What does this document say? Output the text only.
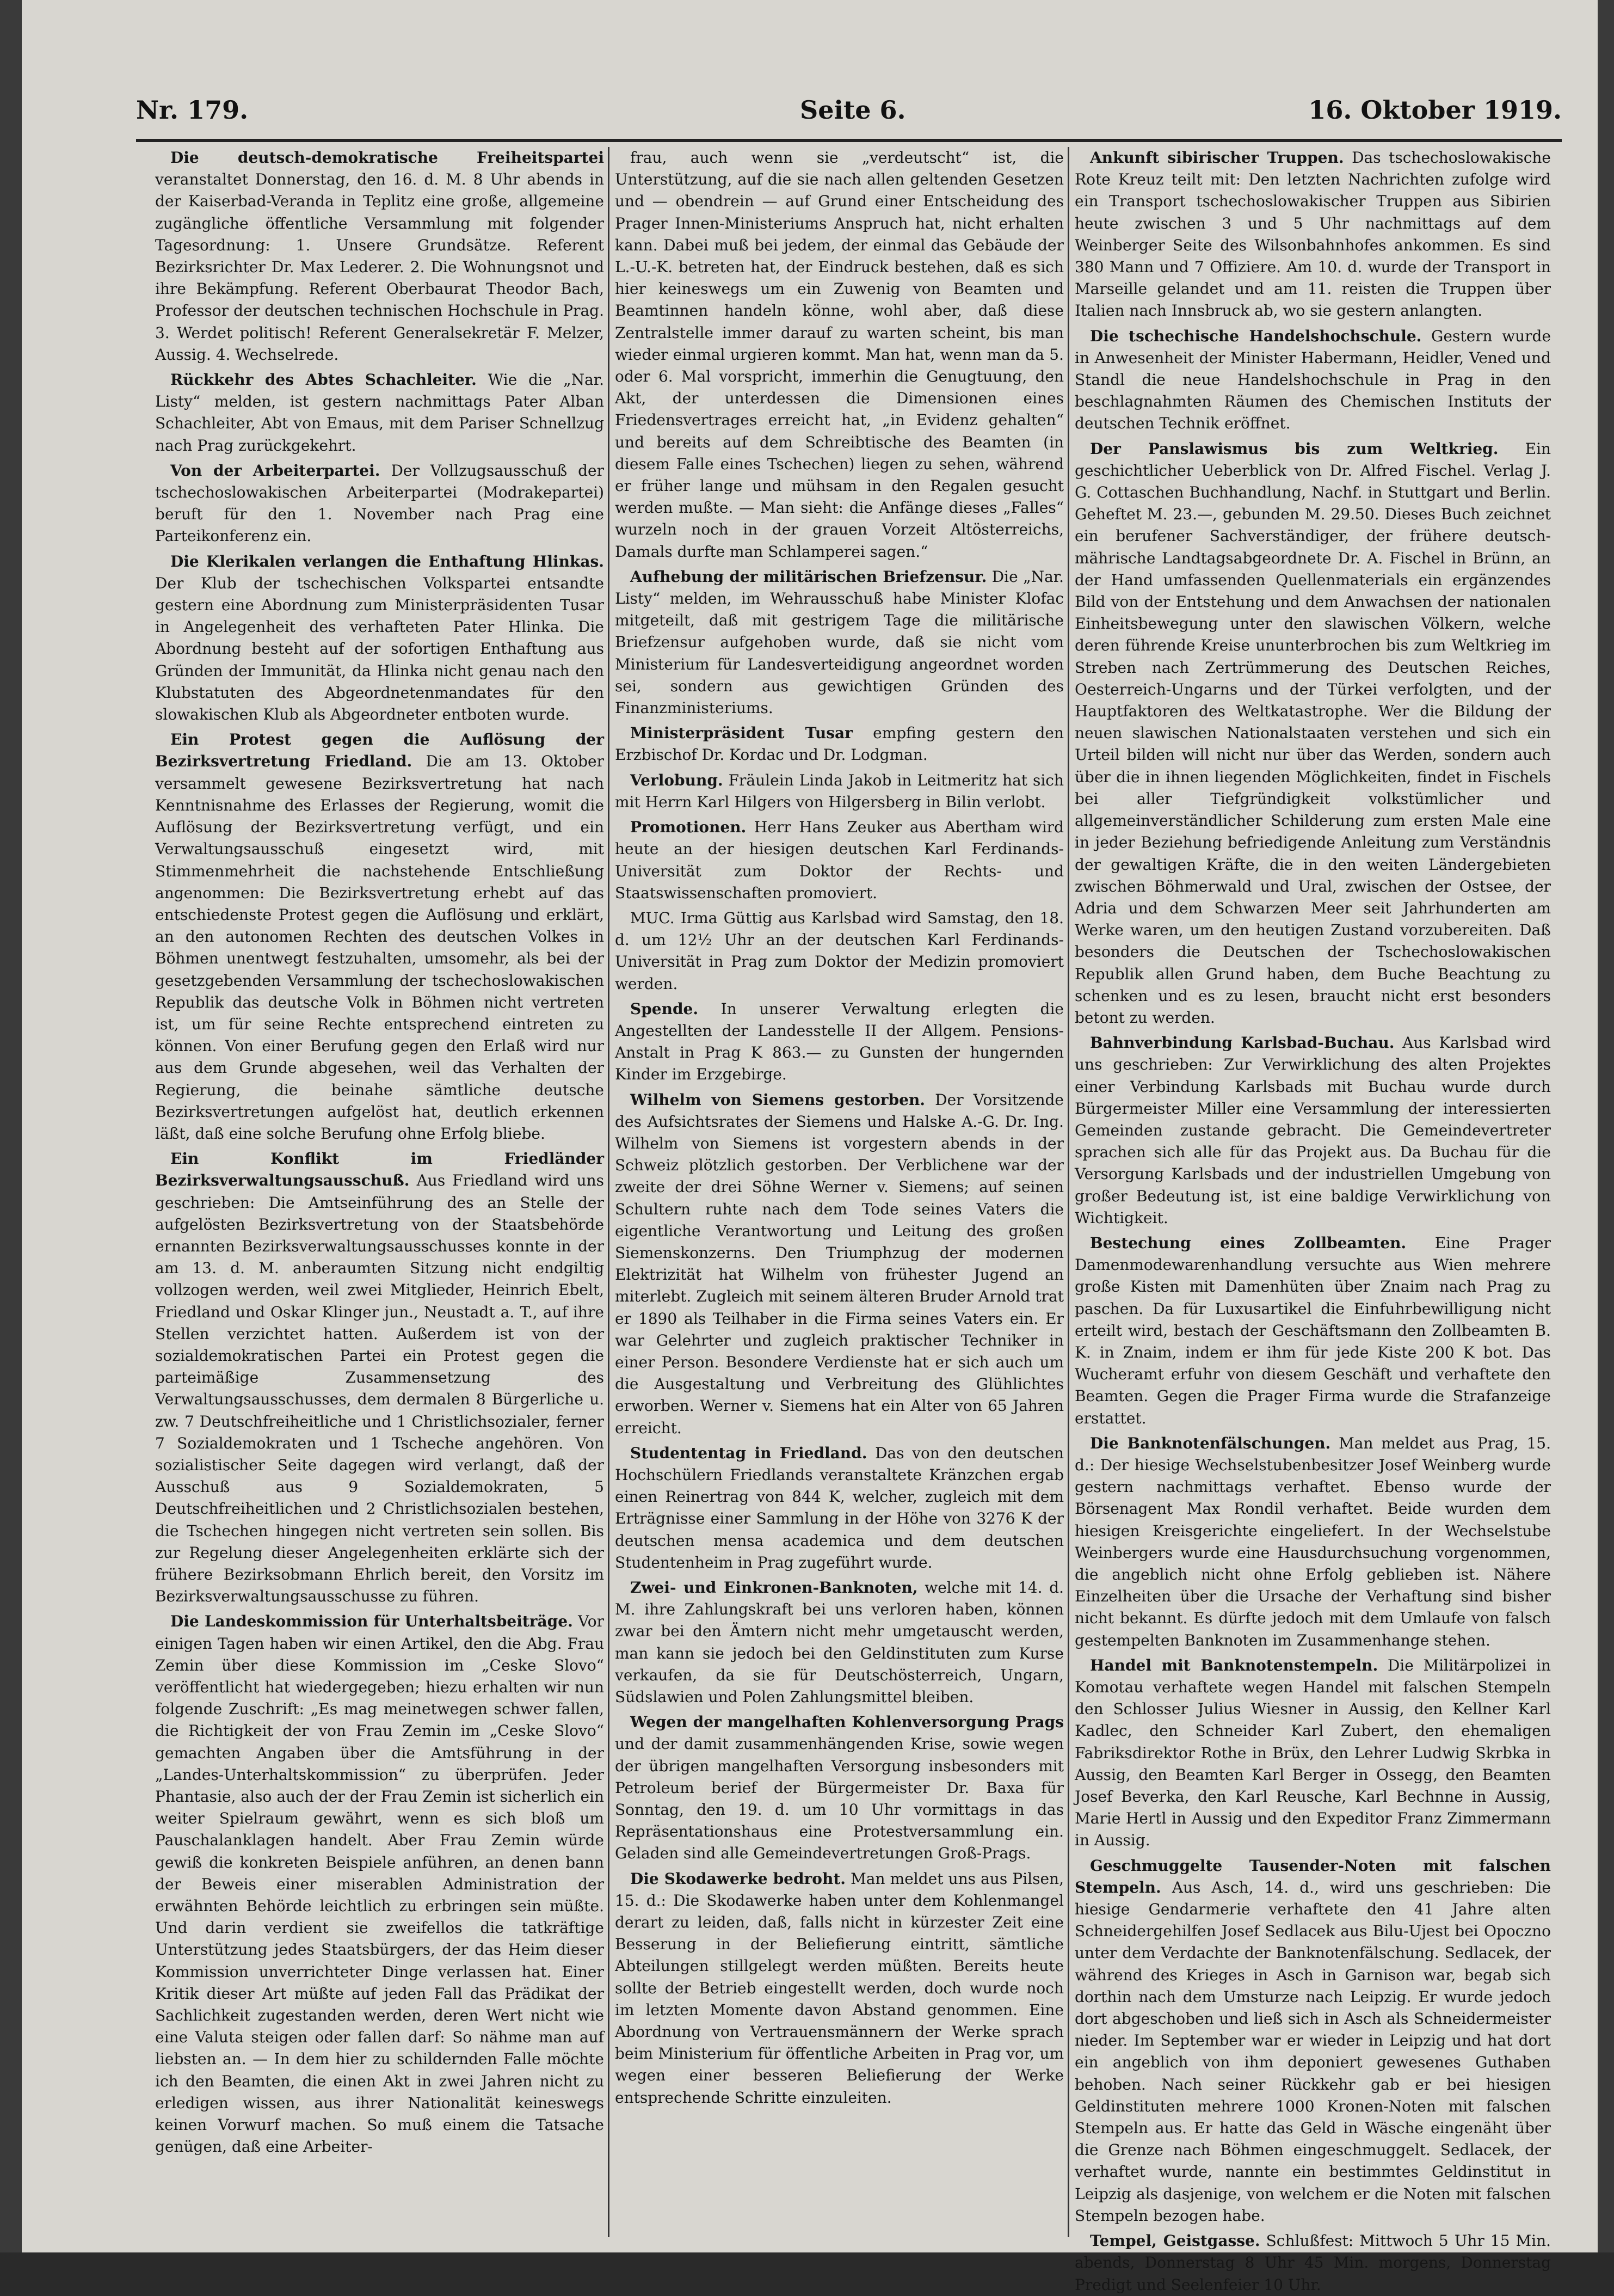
Nr. 179.	Seite 6.	16. Oktober 1919.

Die deutsch-demokratische Freiheitspartei veranstaltet Donnerstag, den 16. d. M. 8 Uhr abends in der Kaiserbad-Veranda in Teplitz eine große, allgemeine zugängliche öffentliche Versammlung mit folgender Tagesordnung: 1. Unsere Grundsätze. Referent Bezirksrichter Dr. Max Lederer. 2. Die Wohnungsnot und ihre Bekämpfung. Referent Oberbaurat Theodor Bach, Professor der deutschen technischen Hochschule in Prag. 3. Werdet politisch! Referent Generalsekretär F. Melzer, Aussig. 4. Wechselrede.

Rückkehr des Abtes Schachleiter. Wie die „Nar. Listy“ melden, ist gestern nachmittags Pater Alban Schachleiter, Abt von Emaus, mit dem Pariser Schnellzug nach Prag zurückgekehrt.

Von der Arbeiterpartei. Der Vollzugsausschuß der tschechoslowakischen Arbeiterpartei (Modrakepartei) beruft für den 1. November nach Prag eine Parteikonferenz ein.

Die Klerikalen verlangen die Enthaftung Hlinkas. Der Klub der tschechischen Volkspartei entsandte gestern eine Abordnung zum Ministerpräsidenten Tusar in Angelegenheit des verhafteten Pater Hlinka. Die Abordnung besteht auf der sofortigen Enthaftung aus Gründen der Immunität, da Hlinka nicht genau nach den Klubstatuten des Abgeordnetenmandates für den slowakischen Klub als Abgeordneter entboten wurde.

Ein Protest gegen die Auflösung der Bezirksvertretung Friedland. Die am 13. Oktober versammelt gewesene Bezirksvertretung hat nach Kenntnisnahme des Erlasses der Regierung, womit die Auflösung der Bezirksvertretung verfügt, und ein Verwaltungsausschuß eingesetzt wird, mit Stimmenmehrheit die nachstehende Entschließung angenommen: Die Bezirksvertretung erhebt auf das entschiedenste Protest gegen die Auflösung und erklärt, an den autonomen Rechten des deutschen Volkes in Böhmen unentwegt festzuhalten, umsomehr, als bei der gesetzgebenden Versammlung der tschechoslowakischen Republik das deutsche Volk in Böhmen nicht vertreten ist, um für seine Rechte entsprechend eintreten zu können. Von einer Berufung gegen den Erlaß wird nur aus dem Grunde abgesehen, weil das Verhalten der Regierung, die beinahe sämtliche deutsche Bezirksvertretungen aufgelöst hat, deutlich erkennen läßt, daß eine solche Berufung ohne Erfolg bliebe.

Ein Konflikt im Friedländer Bezirksverwaltungsausschuß. Aus Friedland wird uns geschrieben: Die Amtseinführung des an Stelle der aufgelösten Bezirksvertretung von der Staatsbehörde ernannten Bezirksverwaltungsausschusses konnte in der am 13. d. M. anberaumten Sitzung nicht endgiltig vollzogen werden, weil zwei Mitglieder, Heinrich Ebelt, Friedland und Oskar Klinger jun., Neustadt a. T., auf ihre Stellen verzichtet hatten. Außerdem ist von der sozialdemokratischen Partei ein Protest gegen die parteimäßige Zusammensetzung des Verwaltungsausschusses, dem dermalen 8 Bürgerliche u. zw. 7 Deutschfreiheitliche und 1 Christlichsozialer, ferner 7 Sozialdemokraten und 1 Tscheche angehören. Von sozialistischer Seite dagegen wird verlangt, daß der Ausschuß aus 9 Sozialdemokraten, 5 Deutschfreiheitlichen und 2 Christlichsozialen bestehen, die Tschechen hingegen nicht vertreten sein sollen. Bis zur Regelung dieser Angelegenheiten erklärte sich der frühere Bezirksobmann Ehrlich bereit, den Vorsitz im Bezirksverwaltungsausschusse zu führen.

Die Landeskommission für Unterhaltsbeiträge. Vor einigen Tagen haben wir einen Artikel, den die Abg. Frau Zemin über diese Kommission im „Ceske Slovo“ veröffentlicht hat wiedergegeben; hiezu erhalten wir nun folgende Zuschrift: „Es mag meinetwegen schwer fallen, die Richtigkeit der von Frau Zemin im „Ceske Slovo“ gemachten Angaben über die Amtsführung in der „Landes-Unterhaltskommission“ zu überprüfen. Jeder Phantasie, also auch der der Frau Zemin ist sicherlich ein weiter Spielraum gewährt, wenn es sich bloß um Pauschalanklagen handelt. Aber Frau Zemin würde gewiß die konkreten Beispiele anführen, an denen bann der Beweis einer miserablen Administration der erwähnten Behörde leichtlich zu erbringen sein müßte. Und darin verdient sie zweifellos die tatkräftige Unterstützung jedes Staatsbürgers, der das Heim dieser Kommission unverrichteter Dinge verlassen hat. Einer Kritik dieser Art müßte auf jeden Fall das Prädikat der Sachlichkeit zugestanden werden, deren Wert nicht wie eine Valuta steigen oder fallen darf: So nähme man auf liebsten an. — In dem hier zu schildernden Falle möchte ich den Beamten, die einen Akt in zwei Jahren nicht zu erledigen wissen, aus ihrer Nationalität keineswegs keinen Vorwurf machen. So muß einem die Tatsache genügen, daß eine Arbeiter-

frau, auch wenn sie „verdeutscht“ ist, die Unterstützung, auf die sie nach allen geltenden Gesetzen und — obendrein — auf Grund einer Entscheidung des Prager Innen-Ministeriums Anspruch hat, nicht erhalten kann. Dabei muß bei jedem, der einmal das Gebäude der L.-U.-K. betreten hat, der Eindruck bestehen, daß es sich hier keineswegs um ein Zuwenig von Beamten und Beamtinnen handeln könne, wohl aber, daß diese Zentralstelle immer darauf zu warten scheint, bis man wieder einmal urgieren kommt. Man hat, wenn man da 5. oder 6. Mal vorspricht, immerhin die Genugtuung, den Akt, der unterdessen die Dimensionen eines Friedensvertrages erreicht hat, „in Evidenz gehalten“ und bereits auf dem Schreibtische des Beamten (in diesem Falle eines Tschechen) liegen zu sehen, während er früher lange und mühsam in den Regalen gesucht werden mußte. — Man sieht: die Anfänge dieses „Falles“ wurzeln noch in der grauen Vorzeit Altösterreichs, Damals durfte man Schlamperei sagen.“

Aufhebung der militärischen Briefzensur. Die „Nar. Listy“ melden, im Wehrausschuß habe Minister Klofac mitgeteilt, daß mit gestrigem Tage die militärische Briefzensur aufgehoben wurde, daß sie nicht vom Ministerium für Landesverteidigung angeordnet worden sei, sondern aus gewichtigen Gründen des Finanzministeriums.

Ministerpräsident Tusar empfing gestern den Erzbischof Dr. Kordac und Dr. Lodgman.

Verlobung. Fräulein Linda Jakob in Leitmeritz hat sich mit Herrn Karl Hilgers von Hilgersberg in Bilin verlobt.

Promotionen. Herr Hans Zeuker aus Abertham wird heute an der hiesigen deutschen Karl Ferdinands-Universität zum Doktor der Rechts- und Staatswissenschaften promoviert.

MUC. Irma Güttig aus Karlsbad wird Samstag, den 18. d. um 12½ Uhr an der deutschen Karl Ferdinands-Universität in Prag zum Doktor der Medizin promoviert werden.

Spende. In unserer Verwaltung erlegten die Angestellten der Landesstelle II der Allgem. Pensions-Anstalt in Prag K 863.— zu Gunsten der hungernden Kinder im Erzgebirge.

Wilhelm von Siemens gestorben. Der Vorsitzende des Aufsichtsrates der Siemens und Halske A.-G. Dr. Ing. Wilhelm von Siemens ist vorgestern abends in der Schweiz plötzlich gestorben. Der Verblichene war der zweite der drei Söhne Werner v. Siemens; auf seinen Schultern ruhte nach dem Tode seines Vaters die eigentliche Verantwortung und Leitung des großen Siemenskonzerns. Den Triumphzug der modernen Elektrizität hat Wilhelm von frühester Jugend an miterlebt. Zugleich mit seinem älteren Bruder Arnold trat er 1890 als Teilhaber in die Firma seines Vaters ein. Er war Gelehrter und zugleich praktischer Techniker in einer Person. Besondere Verdienste hat er sich auch um die Ausgestaltung und Verbreitung des Glühlichtes erworben. Werner v. Siemens hat ein Alter von 65 Jahren erreicht.

Studententag in Friedland. Das von den deutschen Hochschülern Friedlands veranstaltete Kränzchen ergab einen Reinertrag von 844 K, welcher, zugleich mit dem Erträgnisse einer Sammlung in der Höhe von 3276 K der deutschen mensa academica und dem deutschen Studentenheim in Prag zugeführt wurde.

Zwei- und Einkronen-Banknoten, welche mit 14. d. M. ihre Zahlungskraft bei uns verloren haben, können zwar bei den Ämtern nicht mehr umgetauscht werden, man kann sie jedoch bei den Geldinstituten zum Kurse verkaufen, da sie für Deutschösterreich, Ungarn, Südslawien und Polen Zahlungsmittel bleiben.

Wegen der mangelhaften Kohlenversorgung Prags und der damit zusammenhängenden Krise, sowie wegen der übrigen mangelhaften Versorgung insbesonders mit Petroleum berief der Bürgermeister Dr. Baxa für Sonntag, den 19. d. um 10 Uhr vormittags in das Repräsentationshaus eine Protestversammlung ein. Geladen sind alle Gemeindevertretungen Groß-Prags.

Die Skodawerke bedroht. Man meldet uns aus Pilsen, 15. d.: Die Skodawerke haben unter dem Kohlenmangel derart zu leiden, daß, falls nicht in kürzester Zeit eine Besserung in der Beliefierung eintritt, sämtliche Abteilungen stillgelegt werden müßten. Bereits heute sollte der Betrieb eingestellt werden, doch wurde noch im letzten Momente davon Abstand genommen. Eine Abordnung von Vertrauensmännern der Werke sprach beim Ministerium für öffentliche Arbeiten in Prag vor, um wegen einer besseren Beliefierung der Werke entsprechende Schritte einzuleiten.

Ankunft sibirischer Truppen. Das tschechoslowakische Rote Kreuz teilt mit: Den letzten Nachrichten zufolge wird ein Transport tschechoslowakischer Truppen aus Sibirien heute zwischen 3 und 5 Uhr nachmittags auf dem Weinberger Seite des Wilsonbahnhofes ankommen. Es sind 380 Mann und 7 Offiziere. Am 10. d. wurde der Transport in Marseille gelandet und am 11. reisten die Truppen über Italien nach Innsbruck ab, wo sie gestern anlangten.

Die tschechische Handelshochschule. Gestern wurde in Anwesenheit der Minister Habermann, Heidler, Vened und Standl die neue Handelshochschule in Prag in den beschlagnahmten Räumen des Chemischen Instituts der deutschen Technik eröffnet.

Der Panslawismus bis zum Weltkrieg. Ein geschichtlicher Ueberblick von Dr. Alfred Fischel. Verlag J. G. Cottaschen Buchhandlung, Nachf. in Stuttgart und Berlin. Geheftet M. 23.—, gebunden M. 29.50. Dieses Buch zeichnet ein berufener Sachverständiger, der frühere deutsch-mährische Landtagsabgeordnete Dr. A. Fischel in Brünn, an der Hand umfassenden Quellenmaterials ein ergänzendes Bild von der Entstehung und dem Anwachsen der nationalen Einheitsbewegung unter den slawischen Völkern, welche deren führende Kreise ununterbrochen bis zum Weltkrieg im Streben nach Zertrümmerung des Deutschen Reiches, Oesterreich-Ungarns und der Türkei verfolgten, und der Hauptfaktoren des Weltkatastrophe. Wer die Bildung der neuen slawischen Nationalstaaten verstehen und sich ein Urteil bilden will nicht nur über das Werden, sondern auch über die in ihnen liegenden Möglichkeiten, findet in Fischels bei aller Tiefgründigkeit volkstümlicher und allgemeinverständlicher Schilderung zum ersten Male eine in jeder Beziehung befriedigende Anleitung zum Verständnis der gewaltigen Kräfte, die in den weiten Ländergebieten zwischen Böhmerwald und Ural, zwischen der Ostsee, der Adria und dem Schwarzen Meer seit Jahrhunderten am Werke waren, um den heutigen Zustand vorzubereiten. Daß besonders die Deutschen der Tschechoslowakischen Republik allen Grund haben, dem Buche Beachtung zu schenken und es zu lesen, braucht nicht erst besonders betont zu werden.

Bahnverbindung Karlsbad-Buchau. Aus Karlsbad wird uns geschrieben: Zur Verwirklichung des alten Projektes einer Verbindung Karlsbads mit Buchau wurde durch Bürgermeister Miller eine Versammlung der interessierten Gemeinden zustande gebracht. Die Gemeindevertreter sprachen sich alle für das Projekt aus. Da Buchau für die Versorgung Karlsbads und der industriellen Umgebung von großer Bedeutung ist, ist eine baldige Verwirklichung von Wichtigkeit.

Bestechung eines Zollbeamten. Eine Prager Damenmodewarenhandlung versuchte aus Wien mehrere große Kisten mit Damenhüten über Znaim nach Prag zu paschen. Da für Luxusartikel die Einfuhrbewilligung nicht erteilt wird, bestach der Geschäftsmann den Zollbeamten B. K. in Znaim, indem er ihm für jede Kiste 200 K bot. Das Wucheramt erfuhr von diesem Geschäft und verhaftete den Beamten. Gegen die Prager Firma wurde die Strafanzeige erstattet.

Die Banknotenfälschungen. Man meldet aus Prag, 15. d.: Der hiesige Wechselstubenbesitzer Josef Weinberg wurde gestern nachmittags verhaftet. Ebenso wurde der Börsenagent Max Rondil verhaftet. Beide wurden dem hiesigen Kreisgerichte eingeliefert. In der Wechselstube Weinbergers wurde eine Hausdurchsuchung vorgenommen, die angeblich nicht ohne Erfolg geblieben ist. Nähere Einzelheiten über die Ursache der Verhaftung sind bisher nicht bekannt. Es dürfte jedoch mit dem Umlaufe von falsch gestempelten Banknoten im Zusammenhange stehen.

Handel mit Banknotenstempeln. Die Militärpolizei in Komotau verhaftete wegen Handel mit falschen Stempeln den Schlosser Julius Wiesner in Aussig, den Kellner Karl Kadlec, den Schneider Karl Zubert, den ehemaligen Fabriksdirektor Rothe in Brüx, den Lehrer Ludwig Skrbka in Aussig, den Beamten Karl Berger in Ossegg, den Beamten Josef Beverka, den Karl Reusche, Karl Bechnne in Aussig, Marie Hertl in Aussig und den Expeditor Franz Zimmermann in Aussig.

Geschmuggelte Tausender-Noten mit falschen Stempeln. Aus Asch, 14. d., wird uns geschrieben: Die hiesige Gendarmerie verhaftete den 41 Jahre alten Schneidergehilfen Josef Sedlacek aus Bilu-Ujest bei Opoczno unter dem Verdachte der Banknotenfälschung. Sedlacek, der während des Krieges in Asch in Garnison war, begab sich dorthin nach dem Umsturze nach Leipzig. Er wurde jedoch dort abgeschoben und ließ sich in Asch als Schneidermeister nieder. Im September war er wieder in Leipzig und hat dort ein angeblich von ihm deponiert gewesenes Guthaben behoben. Nach seiner Rückkehr gab er bei hiesigen Geldinstituten mehrere 1000 Kronen-Noten mit falschen Stempeln aus. Er hatte das Geld in Wäsche eingenäht über die Grenze nach Böhmen eingeschmuggelt. Sedlacek, der verhaftet wurde, nannte ein bestimmtes Geldinstitut in Leipzig als dasjenige, von welchem er die Noten mit falschen Stempeln bezogen habe.

Tempel, Geistgasse. Schlußfest: Mittwoch 5 Uhr 15 Min. abends, Donnerstag 8 Uhr 45 Min. morgens, Donnerstag Predigt und Seelenfeier 10 Uhr.
